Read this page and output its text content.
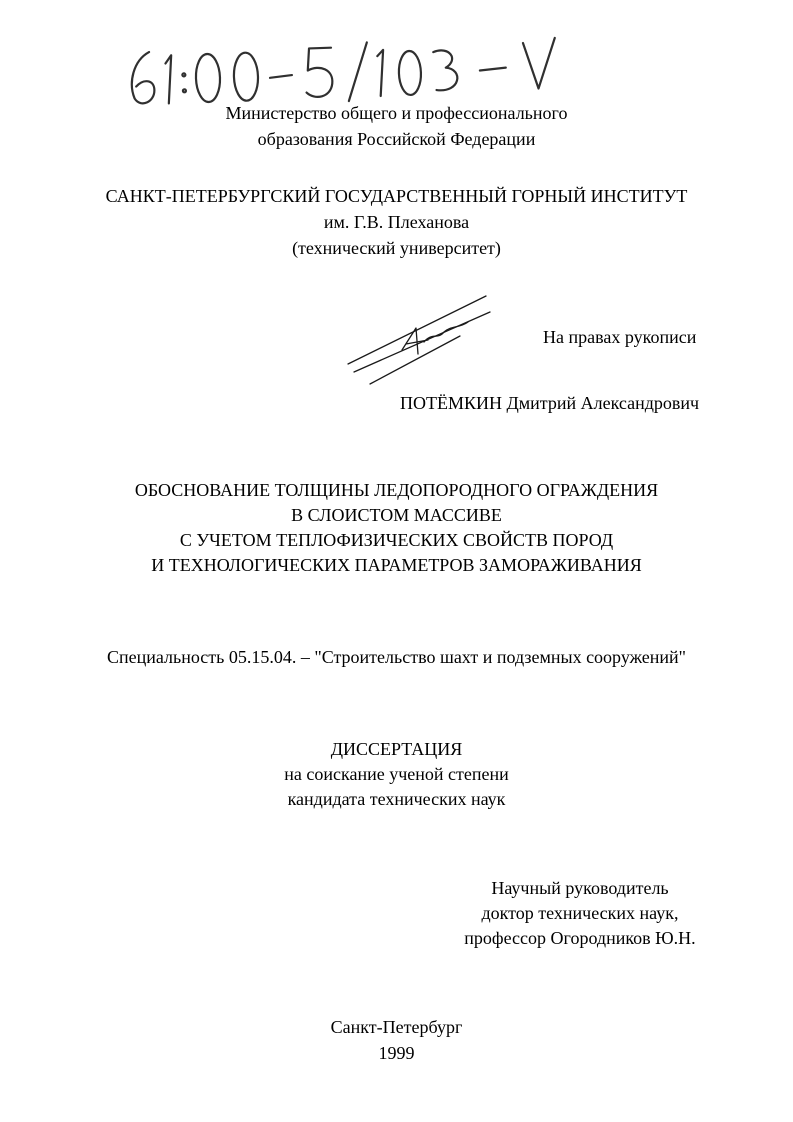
Министерство общего и профессионального
образования Российской Федерации
САНКТ-ПЕТЕРБУРГСКИЙ ГОСУДАРСТВЕННЫЙ ГОРНЫЙ ИНСТИТУТ
им. Г.В. Плеханова
(технический университет)
На правах рукописи
ПОТЁМКИН Дмитрий Александрович
ОБОСНОВАНИЕ ТОЛЩИНЫ ЛЕДОПОРОДНОГО ОГРАЖДЕНИЯ
В СЛОИСТОМ МАССИВЕ
С УЧЕТОМ ТЕПЛОФИЗИЧЕСКИХ СВОЙСТВ ПОРОД
И ТЕХНОЛОГИЧЕСКИХ ПАРАМЕТРОВ ЗАМОРАЖИВАНИЯ
Специальность 05.15.04. – "Строительство шахт и подземных сооружений"
ДИССЕРТАЦИЯ
на соискание ученой степени
кандидата технических наук
Научный руководитель
доктор технических наук,
профессор Огородников Ю.Н.
Санкт-Петербург
1999
